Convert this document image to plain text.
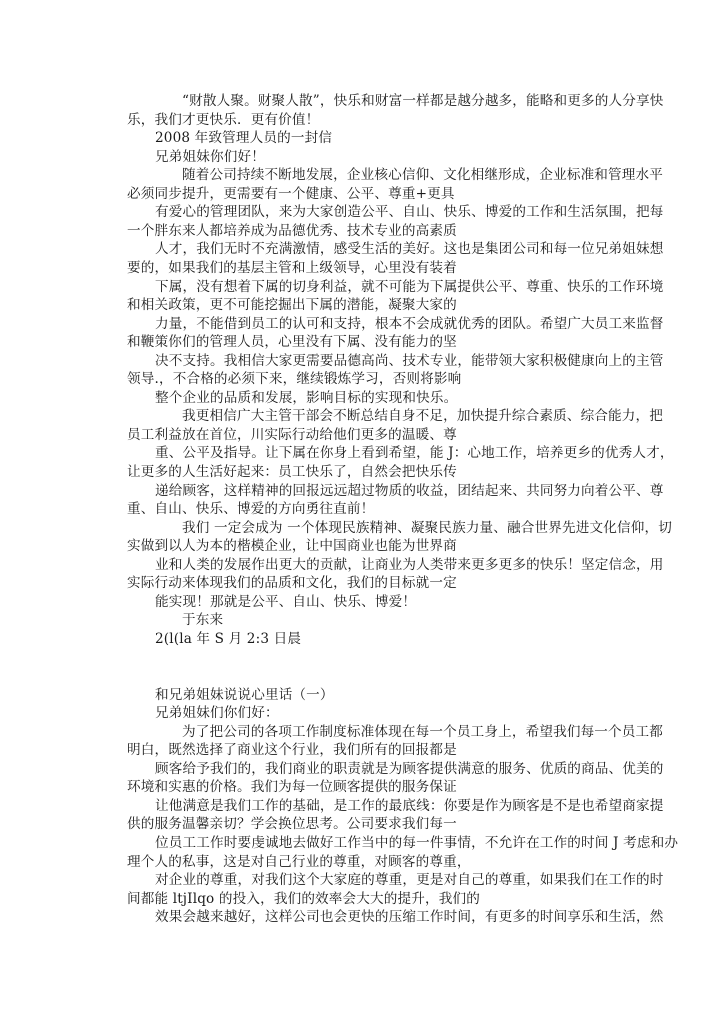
“财散人聚。财聚人散”，快乐和财富一样都是越分越多，能略和更多的人分享快
乐，我们才更快乐．更有价值！
2008 年致管理人员的一封信
兄弟姐妹你们好！
随着公司持续不断地发展，企业核心信仰、文化相继形成，企业标准和管理水平
必须同步提升，更需要有一个健康、公平、尊重+更具
有爱心的管理团队，来为大家创造公平、自山、快乐、博爱的工作和生活氛围，把每
一个胖东来人都培养成为品德优秀、技术专业的高素质
人才，我们无时不充满激情，感受生活的美好。这也是集团公司和每一位兄弟姐妹想
要的，如果我们的基层主管和上级领导，心里没有装着
下属，没有想着下属的切身利益，就不可能为下属提供公平、尊重、快乐的工作环境
和相关政策，更不可能挖掘出下属的潜能，凝聚大家的
力量，不能借到员工的认可和支持，根本不会成就优秀的团队。希望广大员工来监督
和鞭策你们的管理人员，心里没有下属、没有能力的坚
决不支持。我相信大家更需要品德高尚、技术专业，能带领大家积极健康向上的主管
领导.，不合格的必须下来，继续锻炼学习，否则将影响
整个企业的品质和发展，影响目标的实现和快乐。
我更相信广大主管干部会不断总结自身不足，加快提升综合素质、综合能力，把
员工利益放在首位，川实际行动给他们更多的温暖、尊
重、公平及指导。让下属在你身上看到希望，能 J：心地工作，培养更乡的优秀人才，
让更多的人生活好起来：员工快乐了，自然会把快乐传
递给顾客，这样精神的回报远远超过物质的收益，团结起来、共同努力向着公平、尊
重、自山、快乐、博爱的方向勇往直前！
我们 一定会成为 一个体现民族精神、凝聚民族力量、融合世界先进文化信仰，切
实做到以人为本的楷模企业，让中国商业也能为世界商
业和人类的发展作出更大的贡献，让商业为人类带来更多更多的快乐！坚定信念，用
实际行动来体现我们的品质和文化，我们的目标就一定
能实现！那就是公平、自山、快乐、博爱！
于东来
2(l(la 年 S 月 2:3 日晨
和兄弟姐妹说说心里话（一）
兄弟姐妹们你们好：
为了把公司的各项工作制度标准体现在每一个员工身上，希望我们每一个员工都
明白，既然选择了商业这个行业，我们所有的回报都是
顾客给予我们的，我们商业的职责就是为顾客提供满意的服务、优质的商品、优美的
环境和实惠的价格。我们为每一位顾客提供的服务保证
让他满意是我们工作的基础，是工作的最底线：你要是作为顾客是不是也希望商家提
供的服务温馨亲切？学会换位思考。公司要求我们每一
位员工工作时要虔诚地去做好工作当中的每一件事情，不允许在工作的时间 J 考虑和办
理个人的私事，这是对自己行业的尊重，对顾客的尊重，
对企业的尊重，对我们这个大家庭的尊重，更是对自己的尊重，如果我们在工作的时
间都能 ltjIlqo 的投入，我们的效率会大大的提升，我们的
效果会越来越好，这样公司也会更快的压缩工作时间，有更多的时间享乐和生活，然
